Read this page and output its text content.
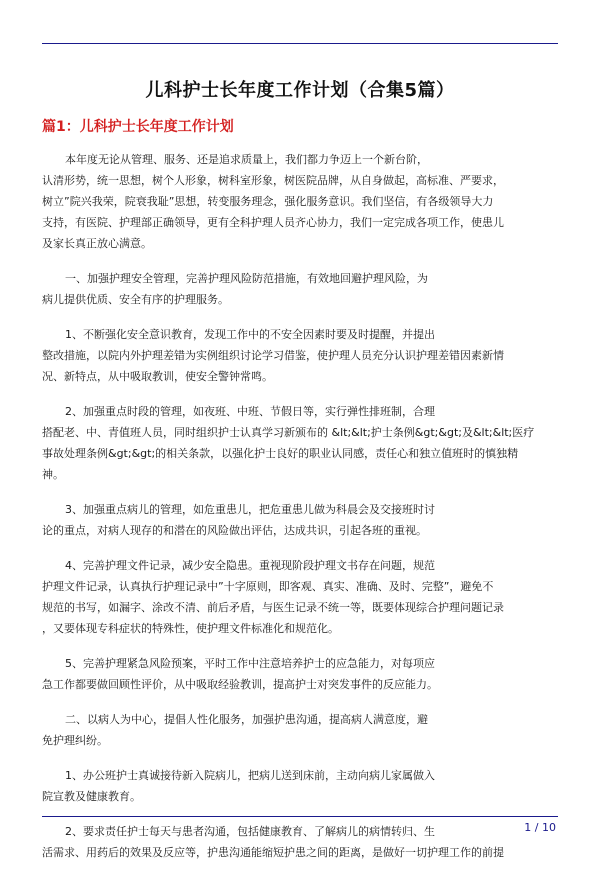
儿科护士长年度工作计划（合集5篇）
篇1：儿科护士长年度工作计划

本年度无论从管理、服务、还是追求质量上，我们都力争迈上一个新台阶，
认清形势，统一思想，树个人形象，树科室形象，树医院品牌，从自身做起，高标准、严要求，
树立”院兴我荣，院衰我耻”思想，转变服务理念，强化服务意识。我们坚信，有各级领导大力
支持，有医院、护理部正确领导，更有全科护理人员齐心协力，我们一定完成各项工作，使患儿
及家长真正放心满意。

一、加强护理安全管理，完善护理风险防范措施，有效地回避护理风险，为
病儿提供优质、安全有序的护理服务。

1、不断强化安全意识教育，发现工作中的不安全因素时要及时提醒，并提出
整改措施，以院内外护理差错为实例组织讨论学习借鉴，使护理人员充分认识护理差错因素新情
况、新特点，从中吸取教训，使安全警钟常鸣。

2、加强重点时段的管理，如夜班、中班、节假日等，实行弹性排班制，合理
搭配老、中、青值班人员，同时组织护士认真学习新颁布的 &lt;&lt;护士条例&gt;&gt;及&lt;&lt;医疗
事故处理条例&gt;&gt;的相关条款，以强化护士良好的职业认同感，责任心和独立值班时的慎独精
神。

3、加强重点病儿的管理，如危重患儿，把危重患儿做为科晨会及交接班时讨
论的重点，对病人现存的和潜在的风险做出评估，达成共识，引起各班的重视。

4、完善护理文件记录，减少安全隐患。重视现阶段护理文书存在问题，规范
护理文件记录，认真执行护理记录中”十字原则，即客观、真实、准确、及时、完整”，避免不
规范的书写，如漏字、涂改不清、前后矛盾，与医生记录不统一等，既要体现综合护理问题记录
，又要体现专科症状的特殊性，使护理文件标准化和规范化。

5、完善护理紧急风险预案，平时工作中注意培养护士的应急能力，对每项应
急工作都要做回顾性评价，从中吸取经验教训，提高护士对突发事件的反应能力。

二、以病人为中心，提倡人性化服务，加强护患沟通，提高病人满意度，避
免护理纠纷。

1、办公班护士真诚接待新入院病儿，把病儿送到床前，主动向病儿家属做入
院宣教及健康教育。

2、要求责任护士每天与患者沟通，包括健康教育、了解病儿的病情转归、生
活需求、用药后的效果及反应等，护患沟通能缩短护患之间的距离，是做好一切护理工作的前提

1 / 10
